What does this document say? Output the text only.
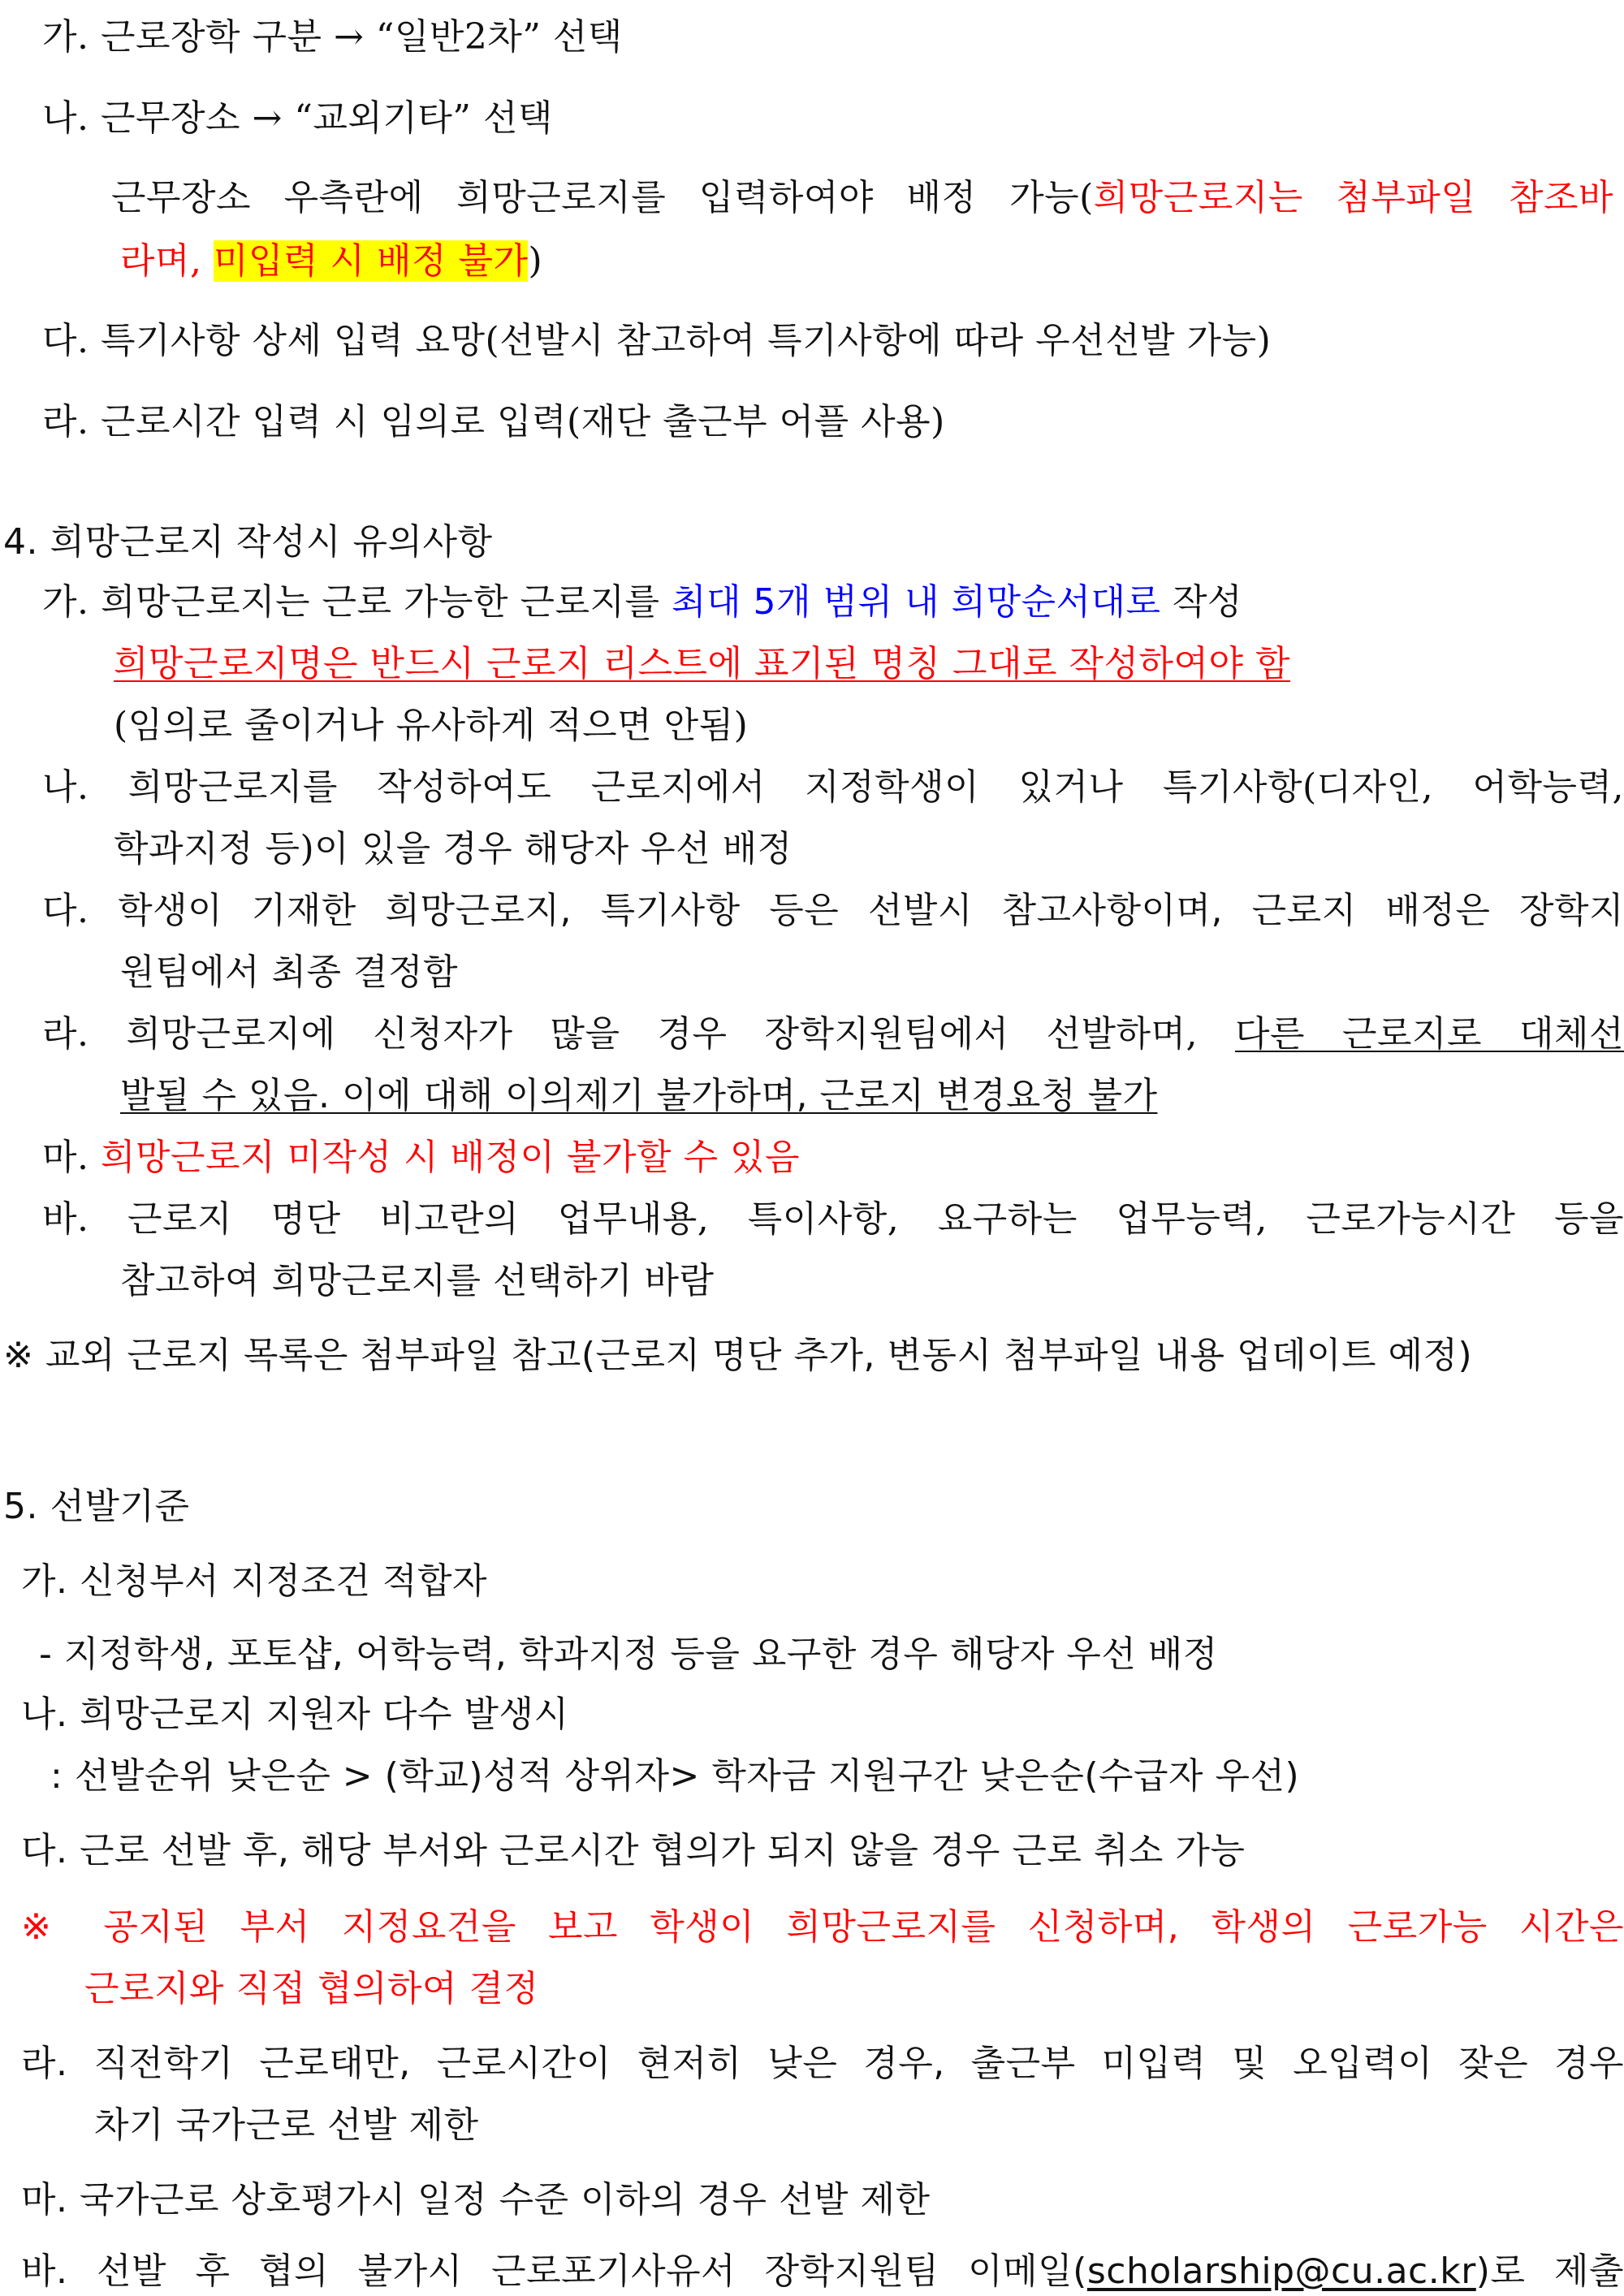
가. 근로장학 구분 → “일반2차” 선택
나. 근무장소 → “교외기타” 선택
근무장소 우측란에 희망근로지를 입력하여야 배정 가능(희망근로지는 첨부파일 참조바
라며, 미입력 시 배정 불가)
다. 특기사항 상세 입력 요망(선발시 참고하여 특기사항에 따라 우선선발 가능)
라. 근로시간 입력 시 임의로 입력(재단 출근부 어플 사용)
4. 희망근로지 작성시 유의사항
가. 희망근로지는 근로 가능한 근로지를 최대 5개 범위 내 희망순서대로 작성
희망근로지명은 반드시 근로지 리스트에 표기된 명칭 그대로 작성하여야 함
(임의로 줄이거나 유사하게 적으면 안됨)
나. 희망근로지를 작성하여도 근로지에서 지정학생이 있거나 특기사항(디자인, 어학능력,
학과지정 등)이 있을 경우 해당자 우선 배정
다. 학생이 기재한 희망근로지, 특기사항 등은 선발시 참고사항이며, 근로지 배정은 장학지
원팀에서 최종 결정함
라. 희망근로지에 신청자가 많을 경우 장학지원팀에서 선발하며, 다른 근로지로 대체선
발될 수 있음. 이에 대해 이의제기 불가하며, 근로지 변경요청 불가
마. 희망근로지 미작성 시 배정이 불가할 수 있음
바. 근로지 명단 비고란의 업무내용, 특이사항, 요구하는 업무능력, 근로가능시간 등을
참고하여 희망근로지를 선택하기 바람
※ 교외 근로지 목록은 첨부파일 참고(근로지 명단 추가, 변동시 첨부파일 내용 업데이트 예정)
5. 선발기준
가. 신청부서 지정조건 적합자
- 지정학생, 포토샵, 어학능력, 학과지정 등을 요구한 경우 해당자 우선 배정
나. 희망근로지 지원자 다수 발생시
: 선발순위 낮은순 > (학교)성적 상위자> 학자금 지원구간 낮은순(수급자 우선)
다. 근로 선발 후, 해당 부서와 근로시간 협의가 되지 않을 경우 근로 취소 가능
※ 공지된 부서 지정요건을 보고 학생이 희망근로지를 신청하며, 학생의 근로가능 시간은
근로지와 직접 협의하여 결정
라. 직전학기 근로태만, 근로시간이 현저히 낮은 경우, 출근부 미입력 및 오입력이 잦은 경우
차기 국가근로 선발 제한
마. 국가근로 상호평가시 일정 수준 이하의 경우 선발 제한
바. 선발 후 협의 불가시 근로포기사유서 장학지원팀 이메일(scholarship@cu.ac.kr)로 제출
